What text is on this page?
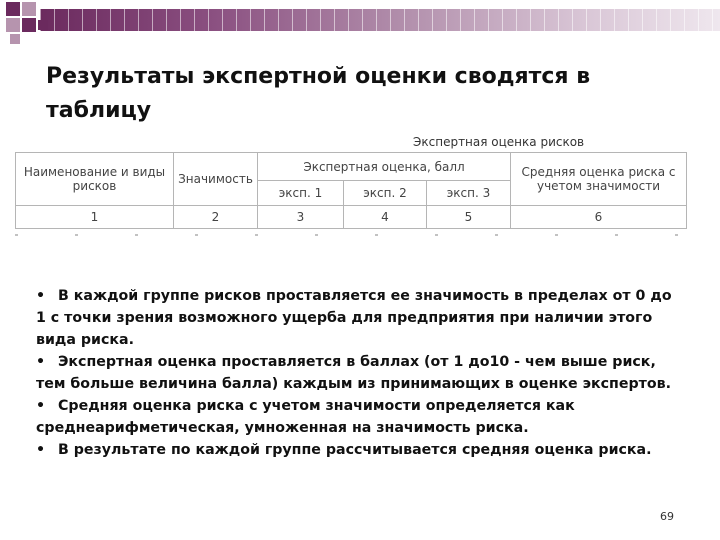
Результаты экспертной оценки сводятся в таблицу
Экспертная оценка рисков
Наименование и виды рисков	Значимость	Экспертная оценка, балл			Средняя оценка риска с учетом значимости
		эксп. 1	эксп. 2	эксп. 3	
1	2	3	4	5	6

• В каждой группе рисков проставляется ее значимость в пределах от 0 до 1 с точки зрения возможного ущерба для предприятия при наличии этого вида риска.

• Экспертная оценка проставляется в баллах (от 1 до10 - чем выше риск, тем больше величина балла) каждым из принимающих в оценке экспертов.

• Средняя оценка риска с учетом значимости определяется как среднеарифметическая, умноженная на значимость риска.

• В результате по каждой группе рассчитывается средняя оценка риска.

69
